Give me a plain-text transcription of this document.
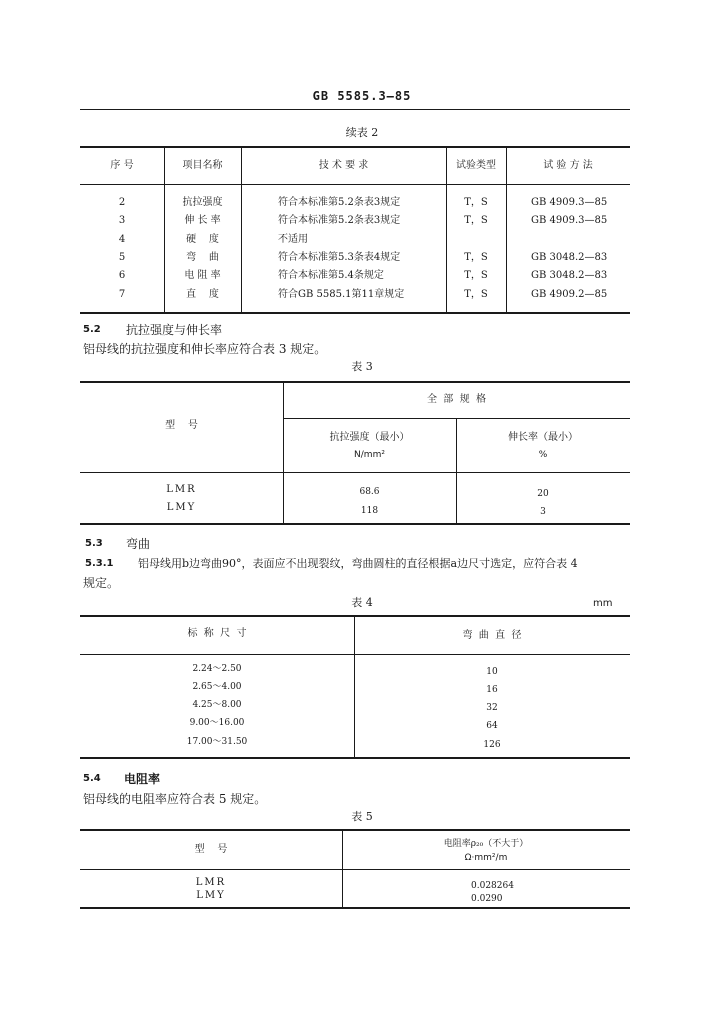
GB 5585.3—85
续表 2
序 号	项目名称	技 术 要 求	试验类型	试 验 方 法
2	抗拉强度	符合本标准第5.2条表3规定	T，S	GB 4909.3—85
3	伸 长 率	符合本标准第5.2条表3规定	T，S	GB 4909.3—85
4	硬    度	不适用
5	弯    曲	符合本标准第5.3条表4规定	T，S	GB 3048.2—83
6	电 阻 率	符合本标准第5.4条规定	T，S	GB 3048.2—83
7	直    度	符合GB 5585.1第11章规定	T，S	GB 4909.2—85
5.2 抗拉强度与伸长率
铝母线的抗拉强度和伸长率应符合表 3 规定。
表 3
型    号
全  部  规  格
抗拉强度（最小）
N/mm²
伸长率（最小）
%
LMR	68.6	20
LMY	118	3
5.3 弯曲
5.3.1 铝母线用b边弯曲90°，表面应不出现裂纹，弯曲圆柱的直径根据a边尺寸选定，应符合表 4
规定。
表 4	mm
标  称  尺  寸	弯  曲  直  径
2.24～2.50	10
2.65～4.00	16
4.25～8.00	32
9.00～16.00	64
17.00～31.50	126
5.4 电阻率
铝母线的电阻率应符合表 5 规定。
表 5
型    号	电阻率ρ₂₀（不大于）
Ω·mm²/m
LMR	0.028264
LMY	0.0290
